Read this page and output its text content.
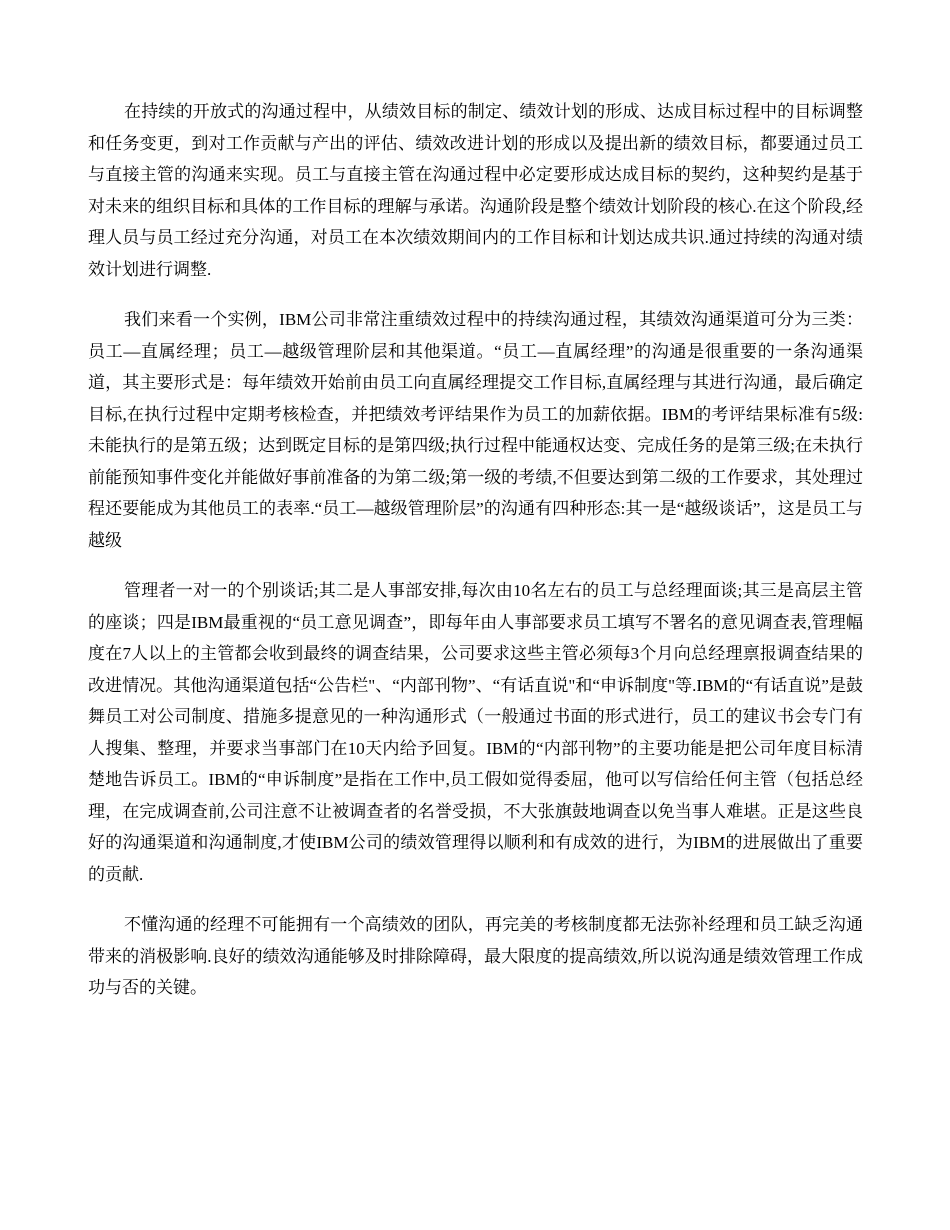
在持续的开放式的沟通过程中，从绩效目标的制定、绩效计划的形成、达成目标过程中的目标调整和任务变更，到对工作贡献与产出的评估、绩效改进计划的形成以及提出新的绩效目标，都要通过员工与直接主管的沟通来实现。员工与直接主管在沟通过程中必定要形成达成目标的契约，这种契约是基于对未来的组织目标和具体的工作目标的理解与承诺。沟通阶段是整个绩效计划阶段的核心.在这个阶段,经理人员与员工经过充分沟通，对员工在本次绩效期间内的工作目标和计划达成共识.通过持续的沟通对绩效计划进行调整.

我们来看一个实例，IBM公司非常注重绩效过程中的持续沟通过程，其绩效沟通渠道可分为三类：员工—直属经理；员工—越级管理阶层和其他渠道。“员工—直属经理”的沟通是很重要的一条沟通渠道，其主要形式是：每年绩效开始前由员工向直属经理提交工作目标,直属经理与其进行沟通，最后确定目标,在执行过程中定期考核检查，并把绩效考评结果作为员工的加薪依据。IBM的考评结果标准有5级:未能执行的是第五级；达到既定目标的是第四级;执行过程中能通权达变、完成任务的是第三级;在未执行前能预知事件变化并能做好事前准备的为第二级;第一级的考绩,不但要达到第二级的工作要求，其处理过程还要能成为其他员工的表率.“员工—越级管理阶层”的沟通有四种形态:其一是“越级谈话”，这是员工与越级

管理者一对一的个别谈话;其二是人事部安排,每次由10名左右的员工与总经理面谈;其三是高层主管的座谈；四是IBM最重视的“员工意见调查”，即每年由人事部要求员工填写不署名的意见调查表,管理幅度在7人以上的主管都会收到最终的调查结果，公司要求这些主管必须每3个月向总经理禀报调查结果的改进情况。其他沟通渠道包括“公告栏"、“内部刊物”、“有话直说"和“申诉制度"等.IBM的“有话直说”是鼓舞员工对公司制度、措施多提意见的一种沟通形式（一般通过书面的形式进行，员工的建议书会专门有人搜集、整理，并要求当事部门在10天内给予回复。IBM的“内部刊物”的主要功能是把公司年度目标清楚地告诉员工。IBM的“申诉制度”是指在工作中,员工假如觉得委屈，他可以写信给任何主管（包括总经理，在完成调查前,公司注意不让被调查者的名誉受损，不大张旗鼓地调查以免当事人难堪。正是这些良好的沟通渠道和沟通制度,才使IBM公司的绩效管理得以顺利和有成效的进行，为IBM的进展做出了重要的贡献.

不懂沟通的经理不可能拥有一个高绩效的团队，再完美的考核制度都无法弥补经理和员工缺乏沟通带来的消极影响.良好的绩效沟通能够及时排除障碍，最大限度的提高绩效,所以说沟通是绩效管理工作成功与否的关键。
